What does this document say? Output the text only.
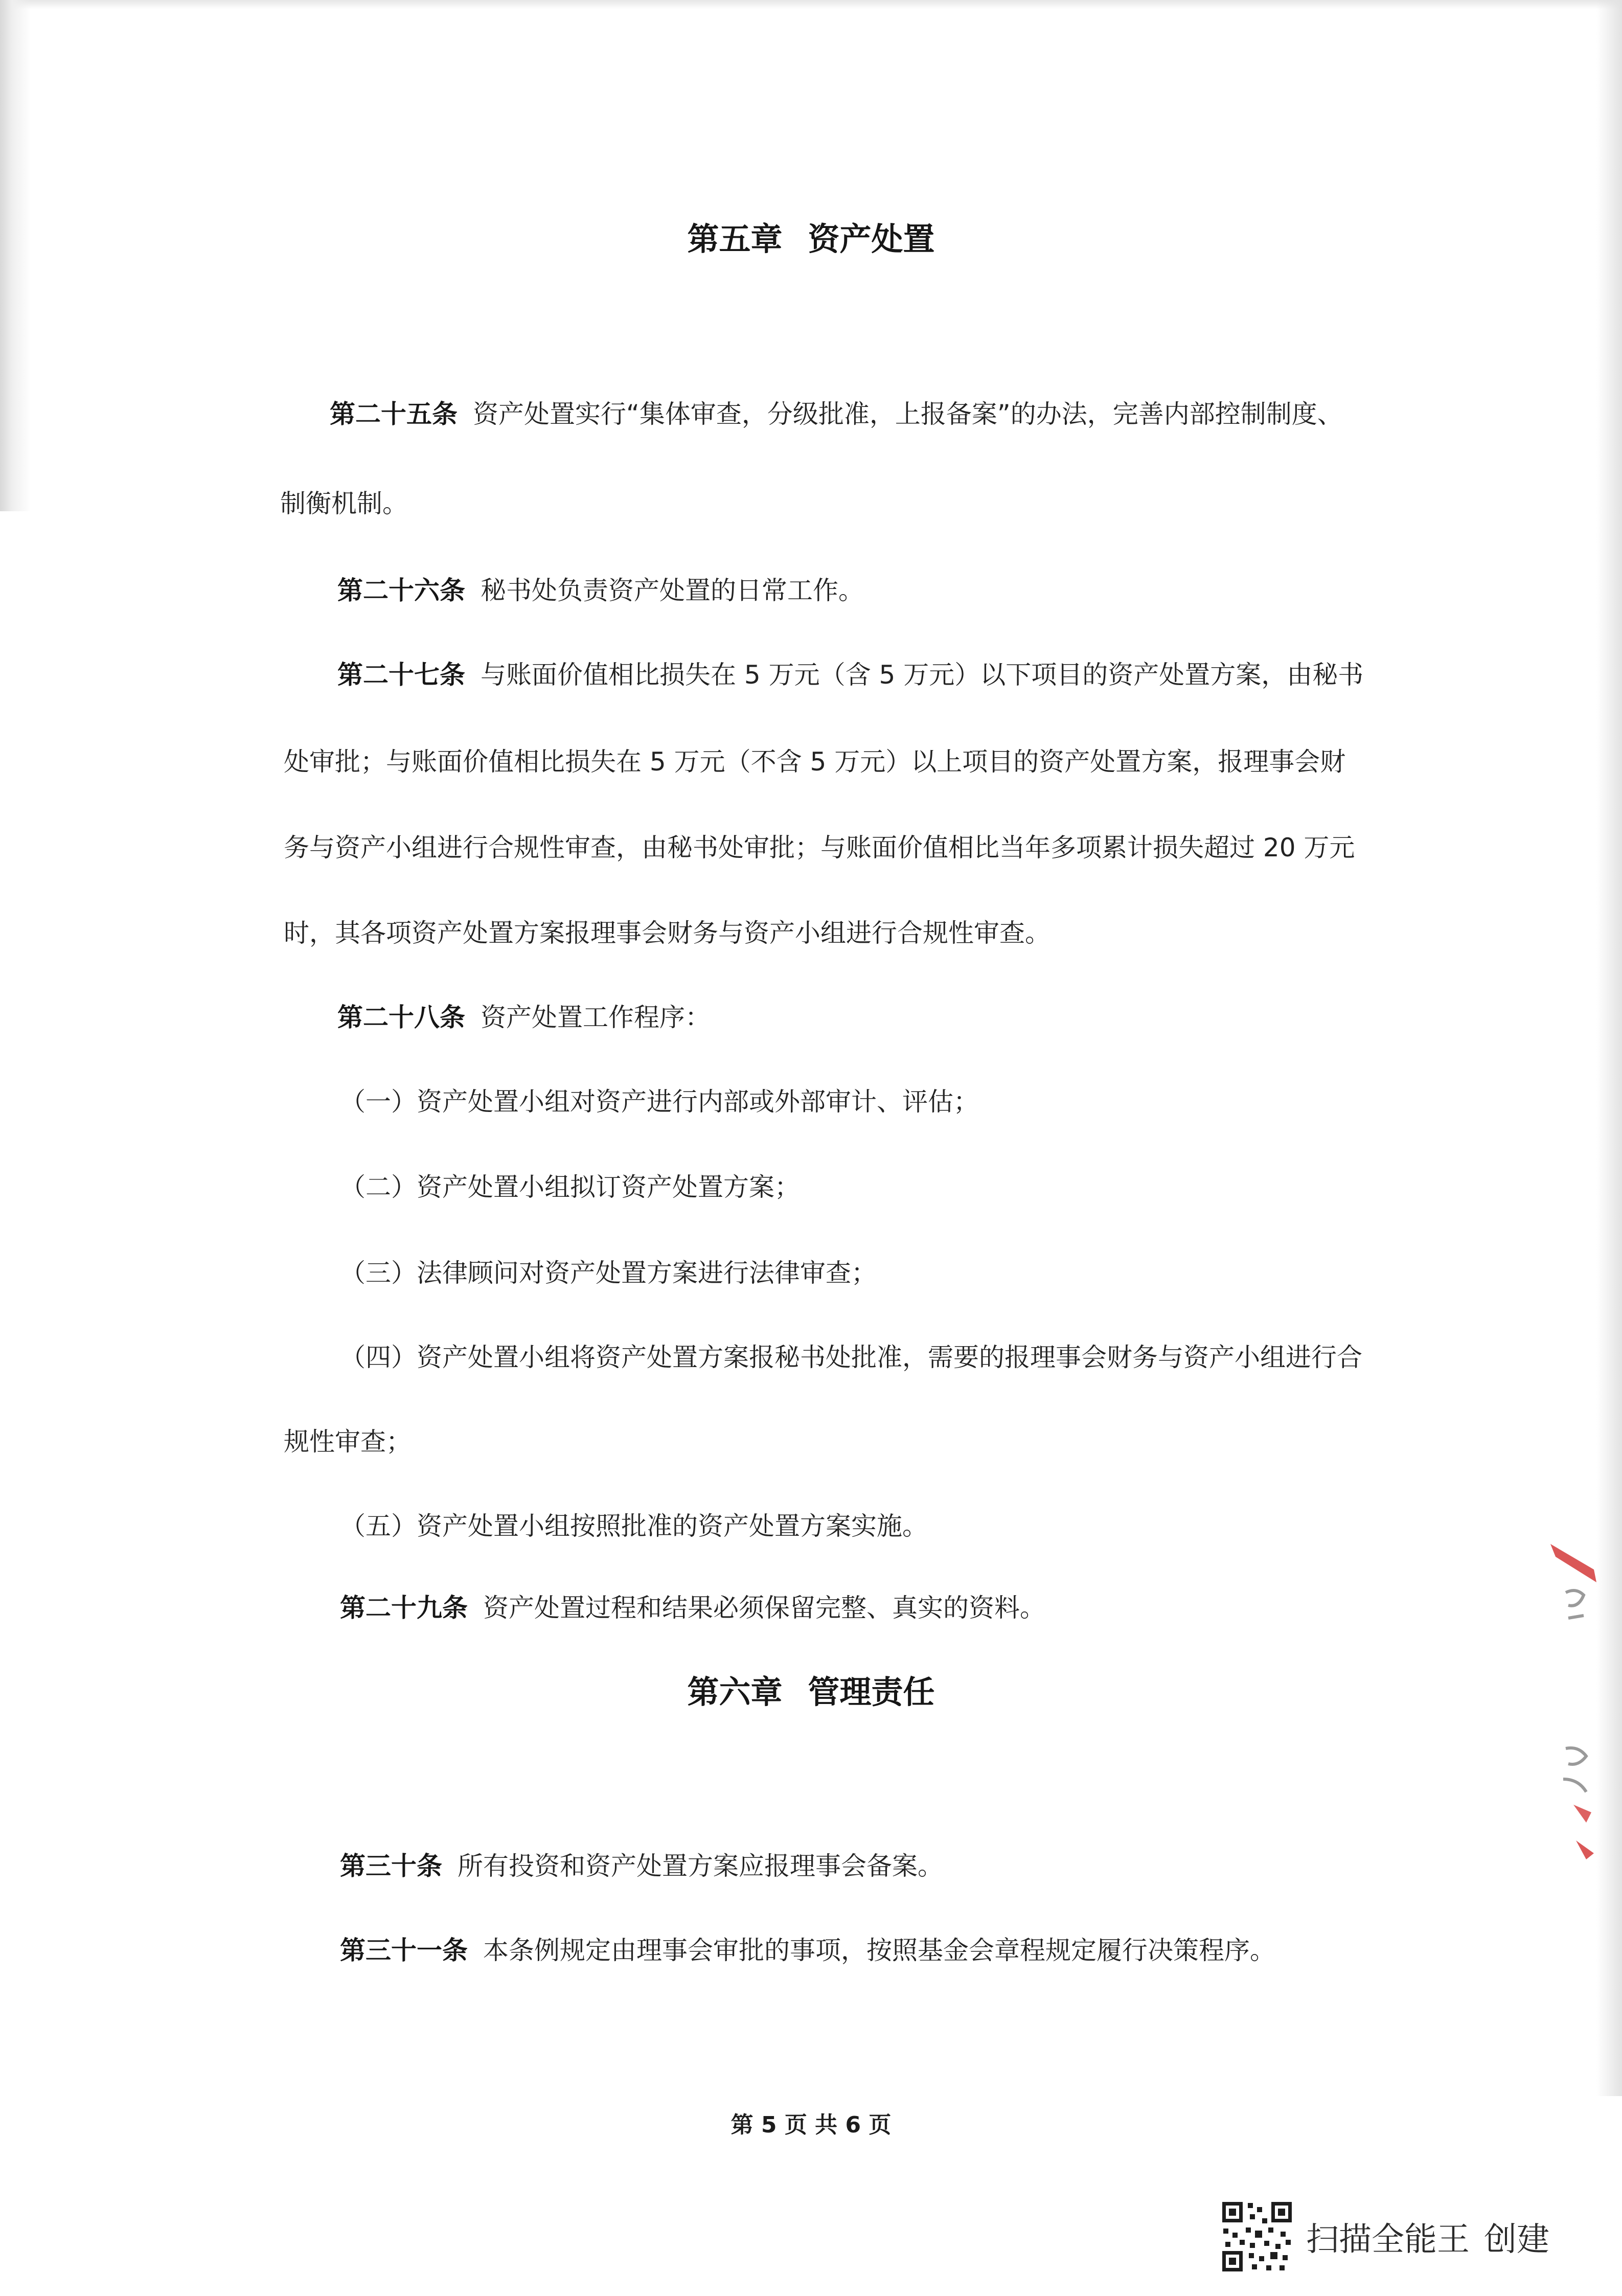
第五章 资产处置
第二十五条 资产处置实行“集体审查，分级批准，上报备案”的办法，完善内部控制制度、
制衡机制。
第二十六条 秘书处负责资产处置的日常工作。
第二十七条 与账面价值相比损失在 5 万元（含 5 万元）以下项目的资产处置方案，由秘书
处审批；与账面价值相比损失在 5 万元（不含 5 万元）以上项目的资产处置方案，报理事会财
务与资产小组进行合规性审查，由秘书处审批；与账面价值相比当年多项累计损失超过 20 万元
时，其各项资产处置方案报理事会财务与资产小组进行合规性审查。
第二十八条 资产处置工作程序：
（一）资产处置小组对资产进行内部或外部审计、评估；
（二）资产处置小组拟订资产处置方案；
（三）法律顾问对资产处置方案进行法律审查；
（四）资产处置小组将资产处置方案报秘书处批准，需要的报理事会财务与资产小组进行合
规性审查；
（五）资产处置小组按照批准的资产处置方案实施。
第二十九条 资产处置过程和结果必须保留完整、真实的资料。
第六章 管理责任
第三十条 所有投资和资产处置方案应报理事会备案。
第三十一条 本条例规定由理事会审批的事项，按照基金会章程规定履行决策程序。
第 5 页 共 6 页
扫描全能王 创建
